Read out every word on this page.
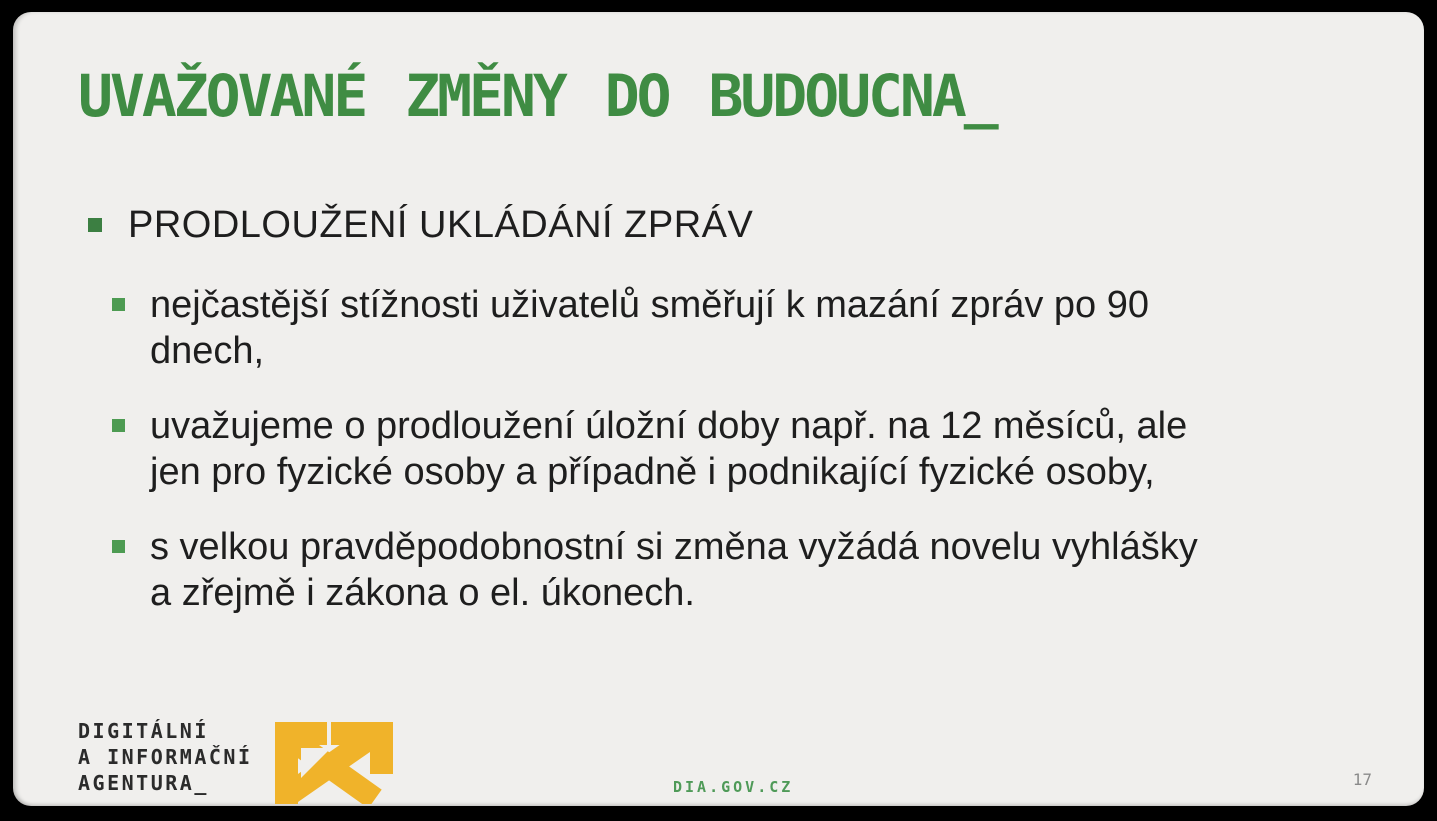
UVAŽOVANÉ ZMĚNY DO BUDOUCNA_
PRODLOUŽENÍ UKLÁDÁNÍ ZPRÁV
nejčastější stížnosti uživatelů směřují k mazání zpráv po 90 dnech,
uvažujeme o prodloužení úložní doby např. na 12 měsíců, ale jen pro fyzické osoby a případně i podnikající fyzické osoby,
s velkou pravděpodobnostní si změna vyžádá novelu vyhlášky a zřejmě i zákona o el. úkonech.
DIGITÁLNÍ
A INFORMAČNÍ
AGENTURA_	DIA.GOV.CZ	17
